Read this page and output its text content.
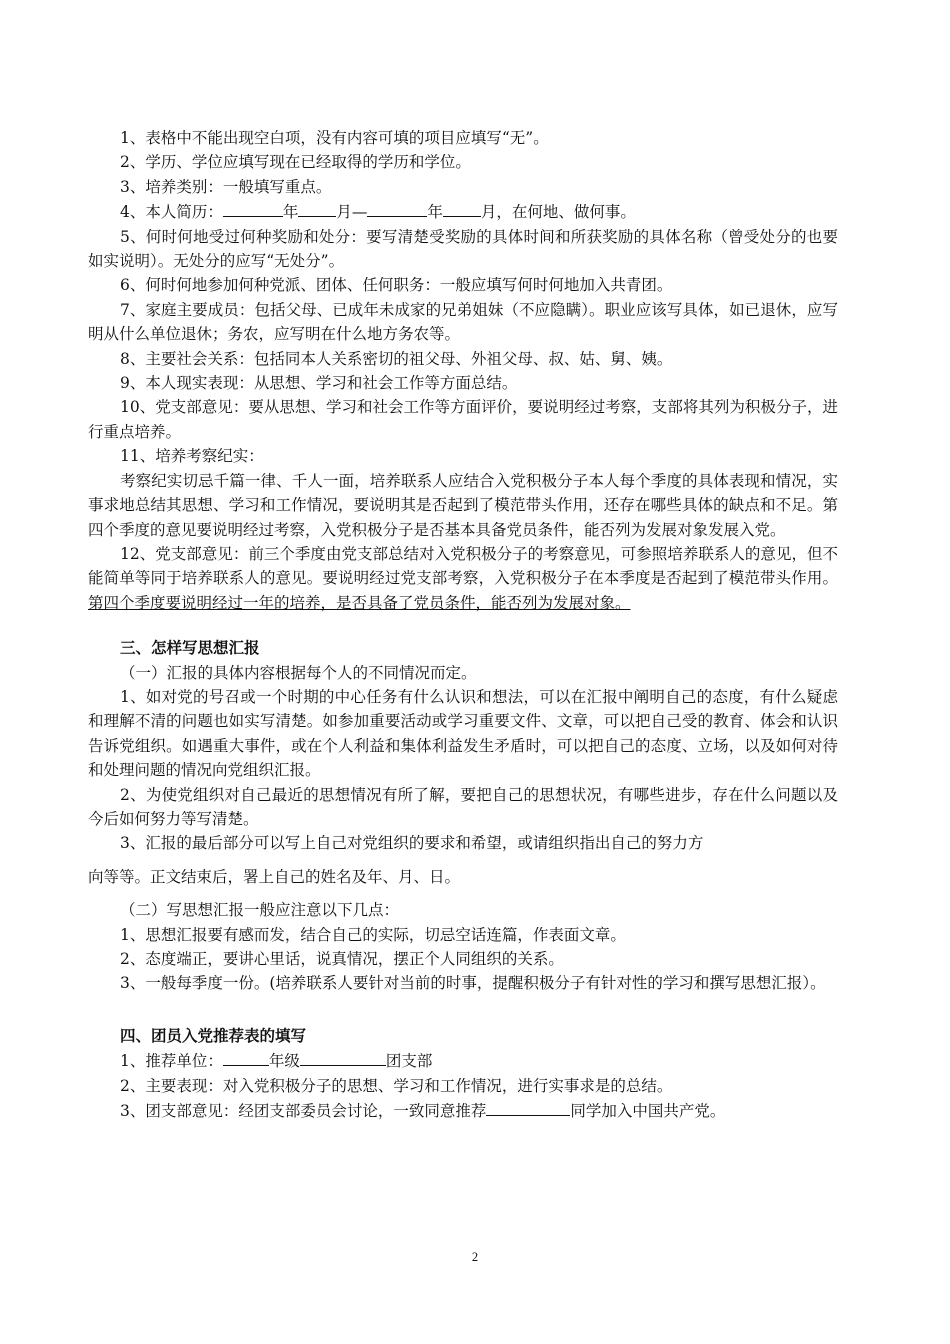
1、表格中不能出现空白项，没有内容可填的项目应填写“无”。

2、学历、学位应填写现在已经取得的学历和学位。

3、培养类别：一般填写重点。

4、本人简历：	年 月—	年 月，在何地、做何事。

5、何时何地受过何种奖励和处分：要写清楚受奖励的具体时间和所获奖励的具体名称（曾受处分的也要如实说明）。无处分的应写“无处分”。

6、何时何地参加何种党派、团体、任何职务：一般应填写何时何地加入共青团。

7、家庭主要成员：包括父母、已成年未成家的兄弟姐妹（不应隐瞒）。职业应该写具体，如已退休，应写明从什么单位退休；务农，应写明在什么地方务农等。

8、主要社会关系：包括同本人关系密切的祖父母、外祖父母、叔、姑、舅、姨。

9、本人现实表现：从思想、学习和社会工作等方面总结。

10、党支部意见：要从思想、学习和社会工作等方面评价，要说明经过考察，支部将其列为积极分子，进行重点培养。

11、培养考察纪实：

考察纪实切忌千篇一律、千人一面，培养联系人应结合入党积极分子本人每个季度的具体表现和情况，实事求地总结其思想、学习和工作情况，要说明其是否起到了模范带头作用，还存在哪些具体的缺点和不足。第四个季度的意见要说明经过考察，入党积极分子是否基本具备党员条件，能否列为发展对象发展入党。

12、党支部意见：前三个季度由党支部总结对入党积极分子的考察意见，可参照培养联系人的意见，但不能简单等同于培养联系人的意见。要说明经过党支部考察，入党积极分子在本季度是否起到了模范带头作用。第四个季度要说明经过一年的培养，是否具备了党员条件，能否列为发展对象。

三、怎样写思想汇报

（一）汇报的具体内容根据每个人的不同情况而定。

1、如对党的号召或一个时期的中心任务有什么认识和想法，可以在汇报中阐明自己的态度，有什么疑虑和理解不清的问题也如实写清楚。如参加重要活动或学习重要文件、文章，可以把自己受的教育、体会和认识告诉党组织。如遇重大事件，或在个人利益和集体利益发生矛盾时，可以把自己的态度、立场，以及如何对待和处理问题的情况向党组织汇报。

2、为使党组织对自己最近的思想情况有所了解，要把自己的思想状况，有哪些进步，存在什么问题以及今后如何努力等写清楚。

3、汇报的最后部分可以写上自己对党组织的要求和希望，或请组织指出自己的努力方

向等等。正文结束后，署上自己的姓名及年、月、日。

（二）写思想汇报一般应注意以下几点：

1、思想汇报要有感而发，结合自己的实际，切忌空话连篇，作表面文章。

2、态度端正，要讲心里话，说真情况，摆正个人同组织的关系。

3、一般每季度一份。(培养联系人要针对当前的时事，提醒积极分子有针对性的学习和撰写思想汇报）。

四、团员入党推荐表的填写

1、推荐单位：	年级	团支部

2、主要表现：对入党积极分子的思想、学习和工作情况，进行实事求是的总结。

3、团支部意见：经团支部委员会讨论，一致同意推荐	同学加入中国共产党。

2
